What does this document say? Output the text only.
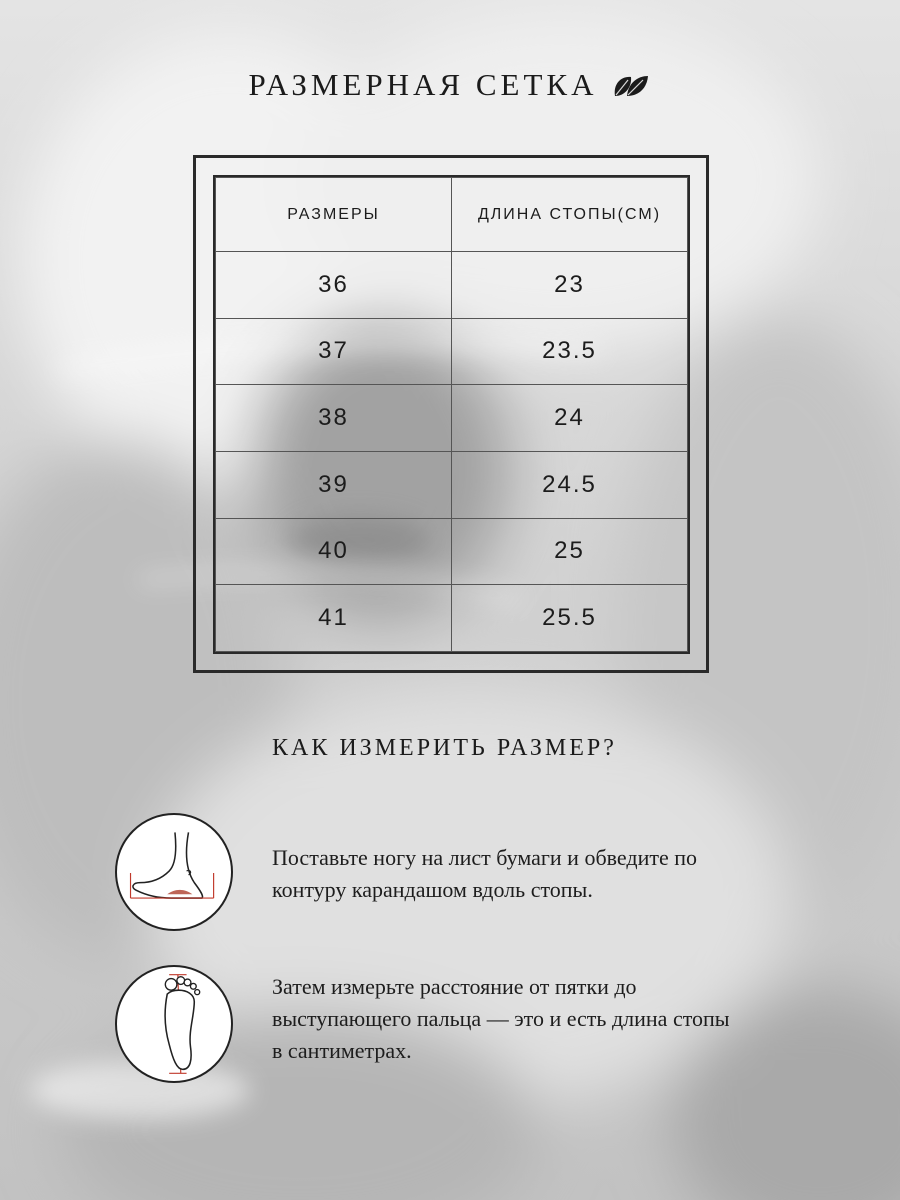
РАЗМЕРНАЯ СЕТКА
РАЗМЕРЫ	ДЛИНА СТОПЫ(СМ)
36	23
37	23.5
38	24
39	24.5
40	25
41	25.5
КАК ИЗМЕРИТЬ РАЗМЕР?
Поставьте ногу на лист бумаги и обведите по контуру карандашом вдоль стопы.
Затем измерьте расстояние от пятки до выступающего пальца — это и есть длина стопы в сантиметрах.
